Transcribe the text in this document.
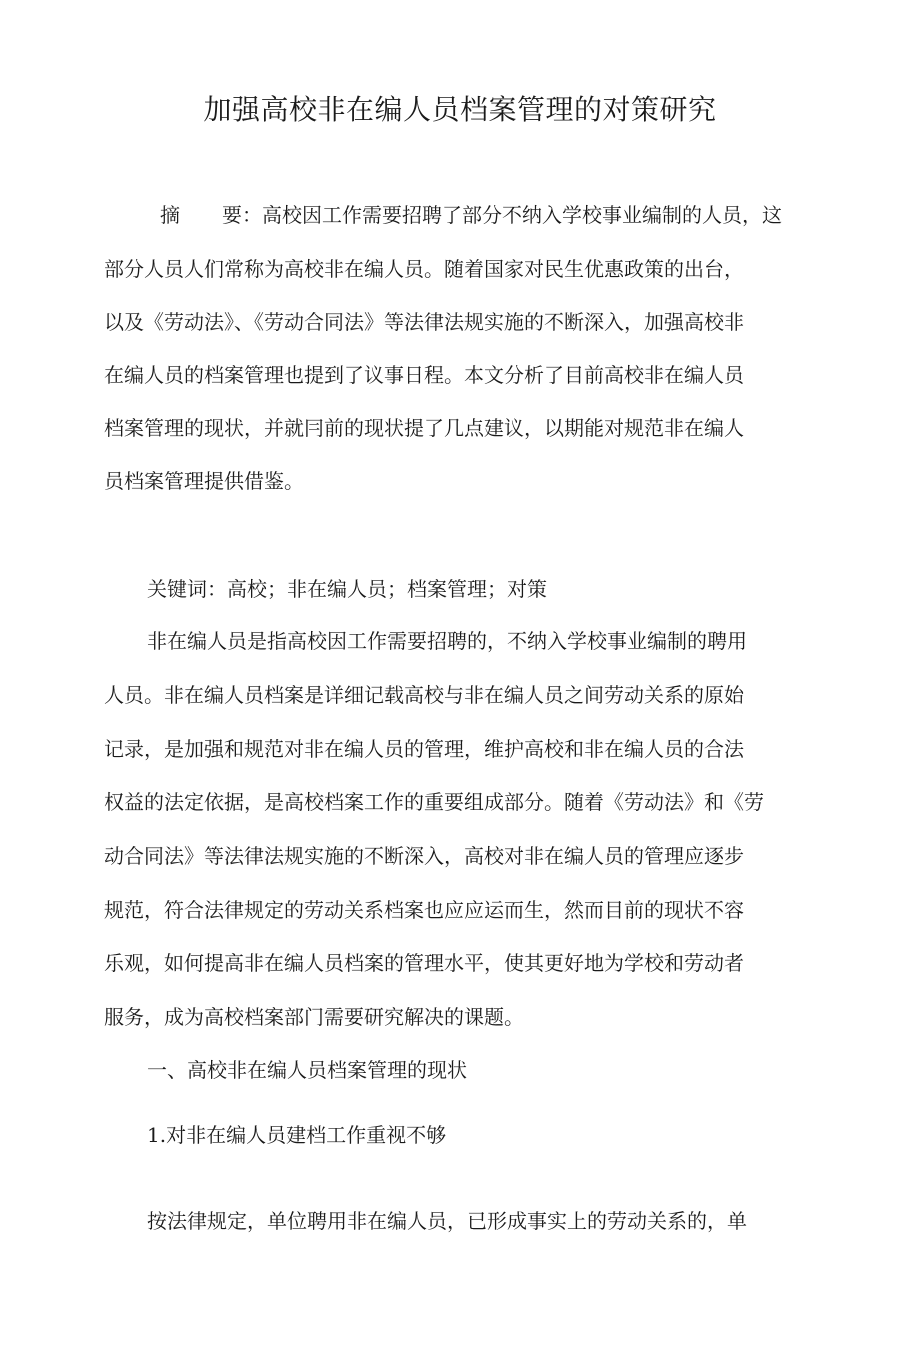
加强高校非在编人员档案管理的对策研究

摘 要：高校因工作需要招聘了部分不纳入学校事业编制的人员，这

部分人员人们常称为高校非在编人员。随着国家对民生优惠政策的出台，

以及《劳动法》、《劳动合同法》等法律法规实施的不断深入，加强高校非

在编人员的档案管理也提到了议事日程。本文分析了目前高校非在编人员

档案管理的现状，并就冃前的现状提了几点建议，以期能对规范非在编人

员档案管理提供借鉴。

关键词：高校；非在编人员；档案管理；对策

非在编人员是指高校因工作需要招聘的，不纳入学校事业编制的聘用

人员。非在编人员档案是详细记载高校与非在编人员之间劳动关系的原始

记录，是加强和规范对非在编人员的管理，维护高校和非在编人员的合法

权益的法定依据，是高校档案工作的重要组成部分。随着《劳动法》和《劳

动合同法》等法律法规实施的不断深入，高校对非在编人员的管理应逐步

规范，符合法律规定的劳动关系档案也应应运而生，然而目前的现状不容

乐观，如何提高非在编人员档案的管理水平，使其更好地为学校和劳动者

服务，成为高校档案部门需要研究解决的课题。

一、高校非在编人员档案管理的现状

1.对非在编人员建档工作重视不够

按法律规定，单位聘用非在编人员，已形成事实上的劳动关系的，单
